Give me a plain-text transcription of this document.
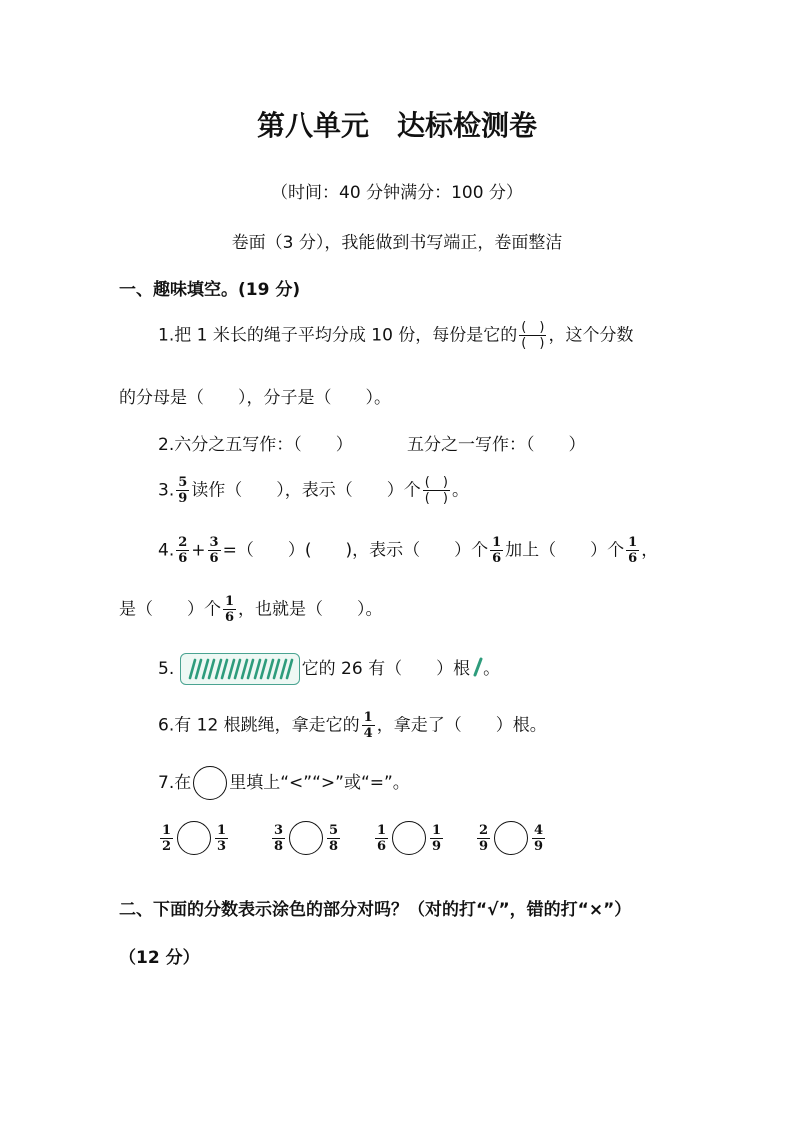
第八单元　达标检测卷
（时间：40 分钟满分：100 分）
卷面（3 分），我能做到书写端正，卷面整洁
一、趣味填空。(19 分)
1.把 1 米长的绳子平均分成 10 份，每份是它的 $\frac{( )}{( )}$ ，这个分数
的分母是（　　），分子是（　　）。
2.六分之五写作：（　　）	五分之一写作：（　　）
3. $\frac{5}{9}$ 读作（　　），表示（　　）个 $\frac{( )}{( )}$ 。
4. $\frac{2}{6} + \frac{3}{6}$ =（　　）(　　)，表示（　　）个 $\frac{1}{6}$ 加上（　　）个 $\frac{1}{6}$ ，
是（　　）个 $\frac{1}{6}$ ，也就是（　　）。
5.	它的 26 有（　　）根 。
6.有 12 根跳绳，拿走它的 $\frac{1}{4}$ ，拿走了（　　）根。
7.在 里填上“<”“>”或“=”。
$\frac{1}{2}$	$\frac{1}{3}$	$\frac{3}{8}$	$\frac{5}{8}$	$\frac{1}{6}$	$\frac{1}{9}$	$\frac{2}{9}$	$\frac{4}{9}$
二、下面的分数表示涂色的部分对吗？（对的打“√”，错的打“×”）
（12 分）
